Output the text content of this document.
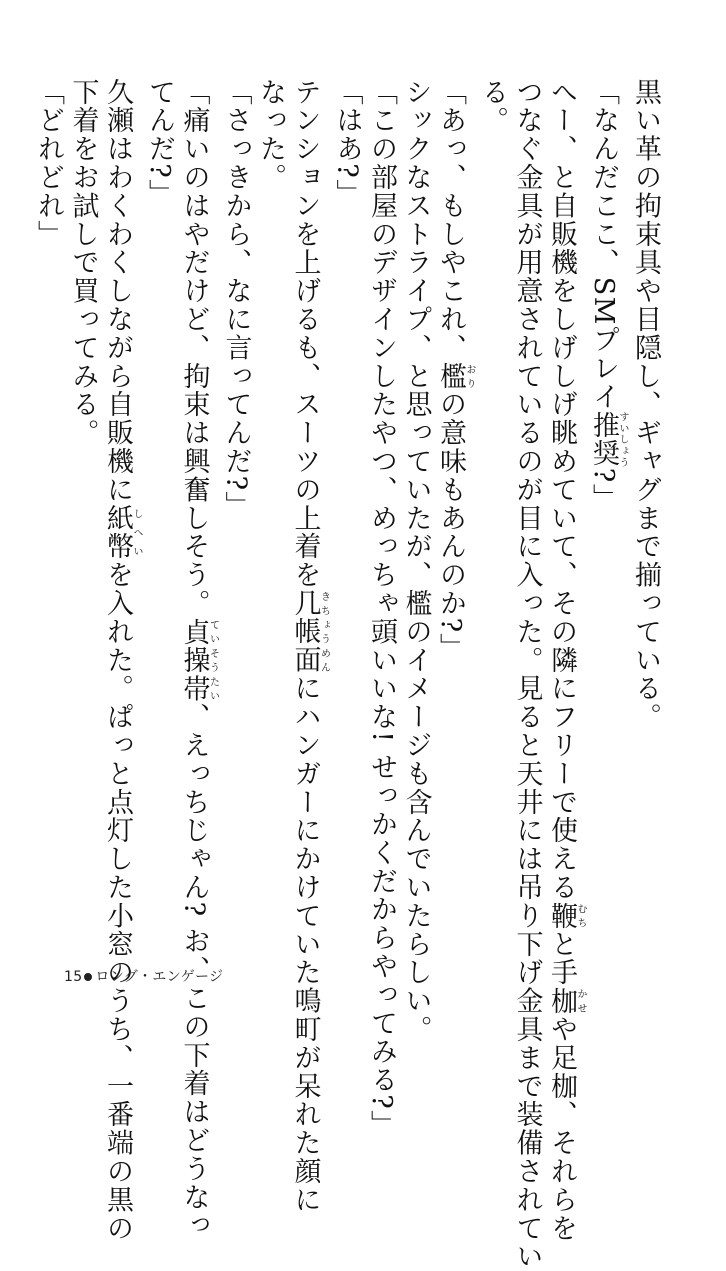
黒い革の拘束具や目隠し、ギャグまで揃っている。
「なんだここ、SMプレイ推奨すいしょう?」
へー、と自販機をしげしげ眺めていて、その隣にフリーで使える鞭むちと手枷かせや足枷、それらを
つなぐ金具が用意されているのが目に入った。見ると天井には吊り下げ金具まで装備されてい
る。
「あっ、もしやこれ、檻おりの意味もあんのか?」
シックなストライプ、と思っていたが、檻のイメージも含んでいたらしい。
「この部屋のデザインしたやつ、めっちゃ頭いいな! せっかくだからやってみる?」
「はあ?」
テンションを上げるも、スーツの上着を几帳面きちょうめんにハンガーにかけていた鳴町が呆れた顔に
なった。
「さっきから、なに言ってんだ?」
「痛いのはやだけど、拘束は興奮しそう。貞操帯ていそうたい、えっちじゃん? お、この下着はどうなっ
てんだ?」
久瀬はわくわくしながら自販機に紙幣しへいを入れた。ぱっと点灯した小窓のうち、一番端の黒の
下着をお試しで買ってみる。
「どれどれ」
15 ロング・エンゲージ
